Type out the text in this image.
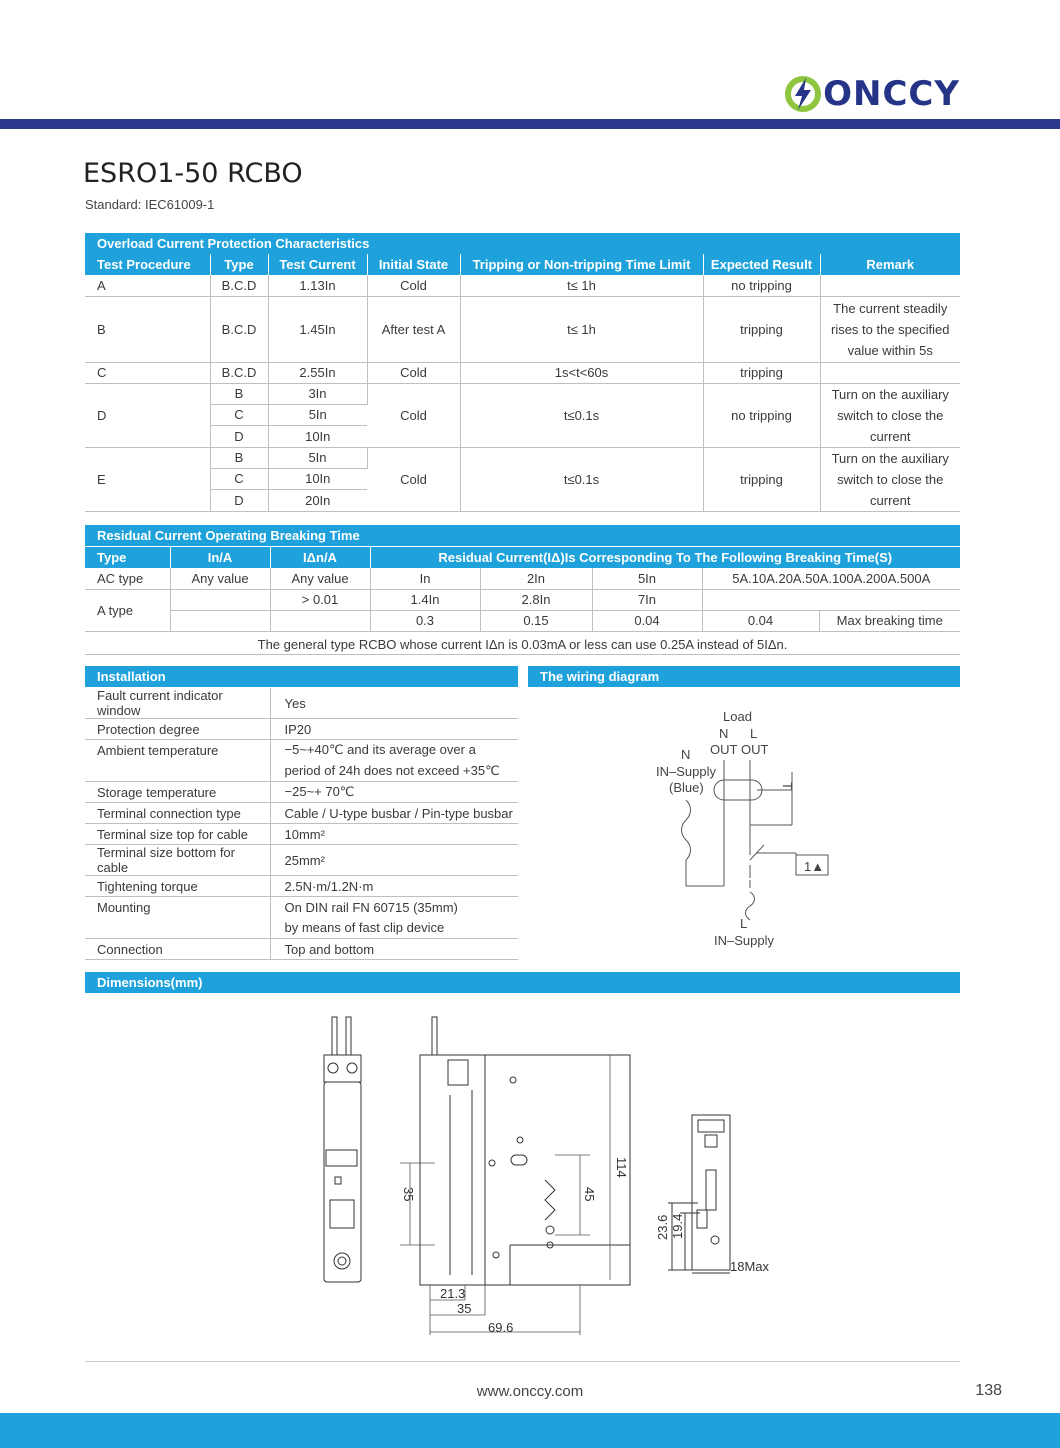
ONCCY
ESRO1-50 RCBO
Standard: IEC61009-1
Overload Current Protection Characteristics
Test Procedure	Type	Test Current	Initial State	Tripping or Non-tripping Time Limit	Expected Result	Remark
A	B.C.D	1.13In	Cold	t≤ 1h	no tripping	
B	B.C.D	1.45In	After test A	t≤ 1h	tripping	The current steadily
rises to the specified
value within 5s

C	B.C.D	2.55In	Cold	1s<t<60s	tripping	
D	B	3In	Cold	t≤0.1s	no tripping	Turn on the auxiliary
switch to close the
current

	C	5In				
	D	10In				
E	B	5In	Cold	t≤0.1s	tripping	Turn on the auxiliary
switch to close the
current

	C	10In				
	D	20In				
Residual Current Operating Breaking Time
Type	In/A	IΔn/A	Residual Current(IΔ)Is Corresponding To The Following Breaking Time(S)				
AC type	Any value	Any value	In	2In	5In	5A.10A.20A.50A.100A.200A.500A	
A type		> 0.01	1.4In	2.8In	7In		
			0.3	0.15	0.04	0.04	Max breaking time
The general type RCBO whose current IΔn is 0.03mA or less can use 0.25A instead of 5IΔn.
Installation
Fault current indicator window	Yes
Protection degree	IP20
Ambient temperature	−5~+40℃ and its average over a
	period of 24h does not exceed +35℃
Storage temperature	−25~+ 70℃
Terminal connection type	Cable / U-type busbar / Pin-type busbar
Terminal size top for cable	10mm²
Terminal size bottom for cable	25mm²
Tightening torque	2.5N·m/1.2N·m
Mounting	On DIN rail FN 60715 (35mm)
	by means of fast clip device
Connection	Top and bottom
The wiring diagram
Load
N L
OUT OUT
N
IN–Supply
(Blue)	T
1▲
L
IN–Supply
Dimensions(mm)
114
45
35
21.3
35
69.6
23.6 19.4
18Max
www.onccy.com	138
